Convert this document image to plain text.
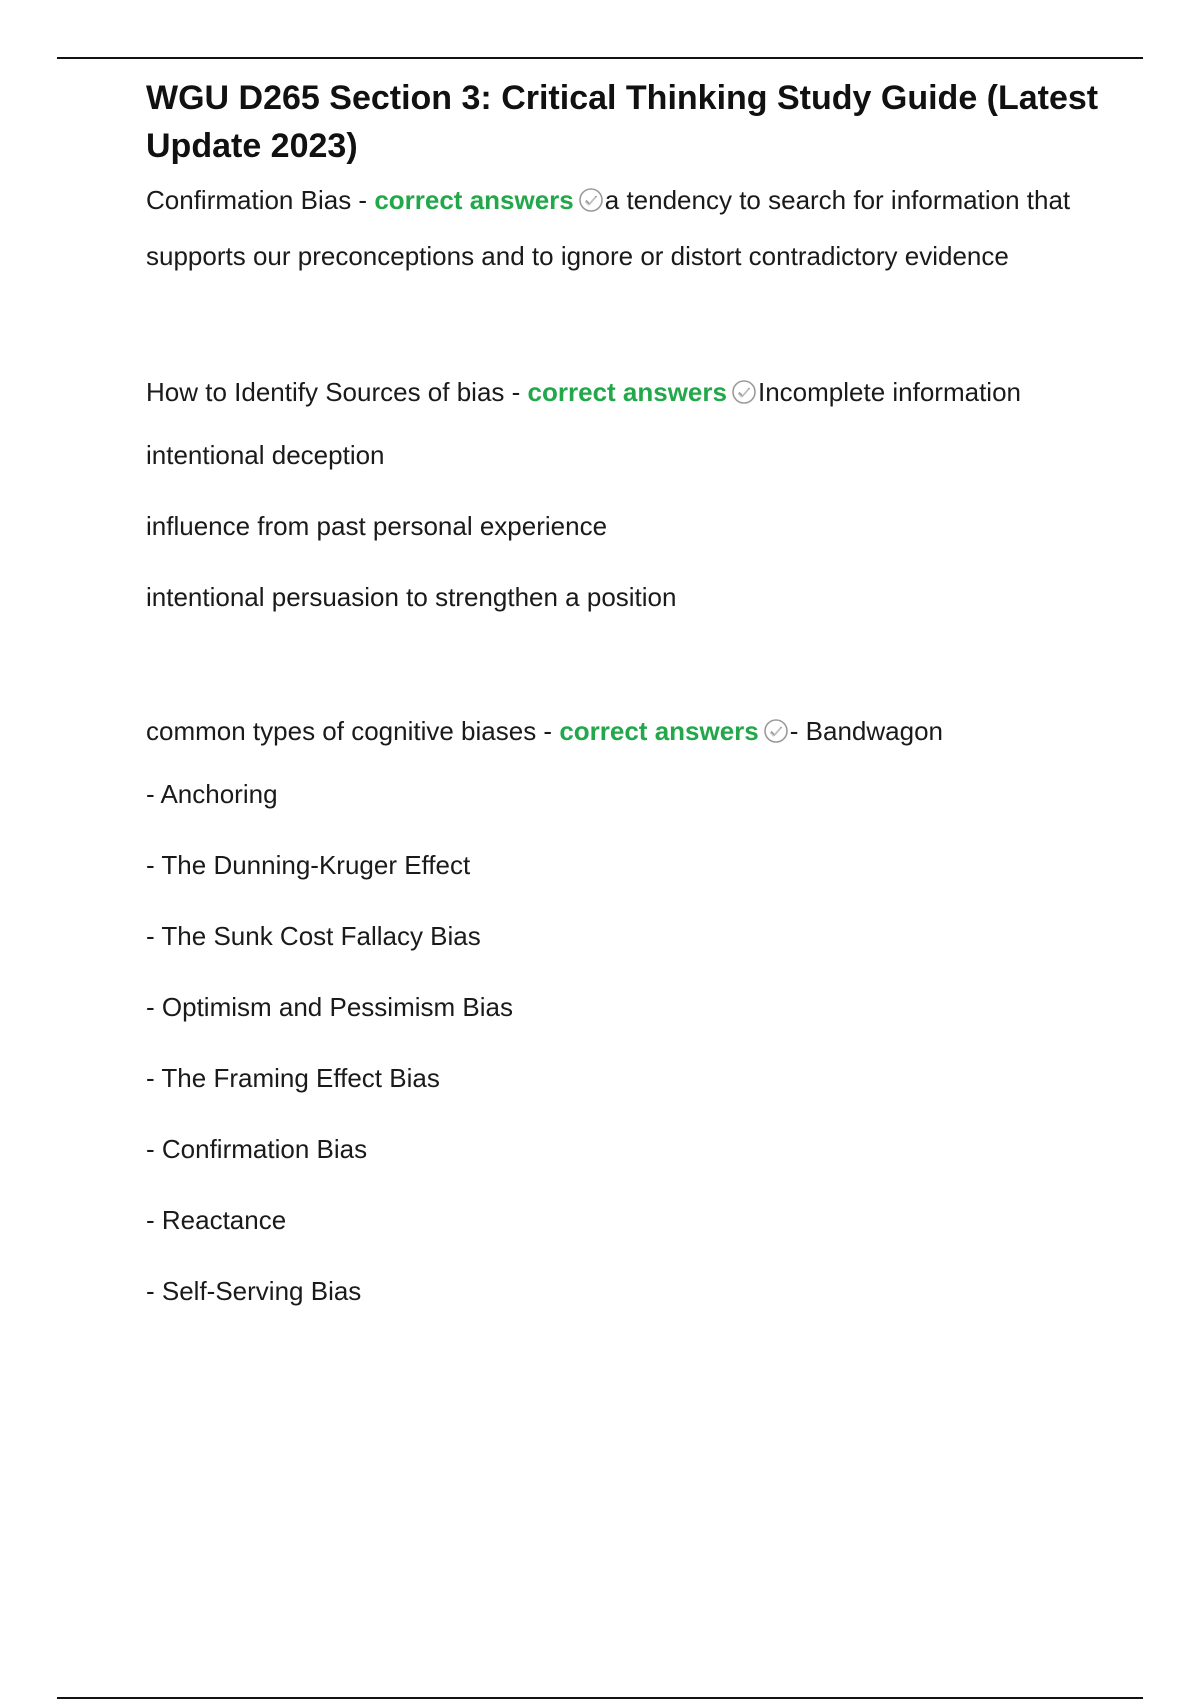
WGU D265 Section 3: Critical Thinking Study Guide (Latest Update 2023)

Confirmation Bias - correct answers a tendency to search for information that supports our preconceptions and to ignore or distort contradictory evidence

How to Identify Sources of bias - correct answers Incomplete information

intentional deception

influence from past personal experience

intentional persuasion to strengthen a position

common types of cognitive biases - correct answers - Bandwagon

- Anchoring

- The Dunning-Kruger Effect

- The Sunk Cost Fallacy Bias

- Optimism and Pessimism Bias

- The Framing Effect Bias

- Confirmation Bias

- Reactance

- Self-Serving Bias
